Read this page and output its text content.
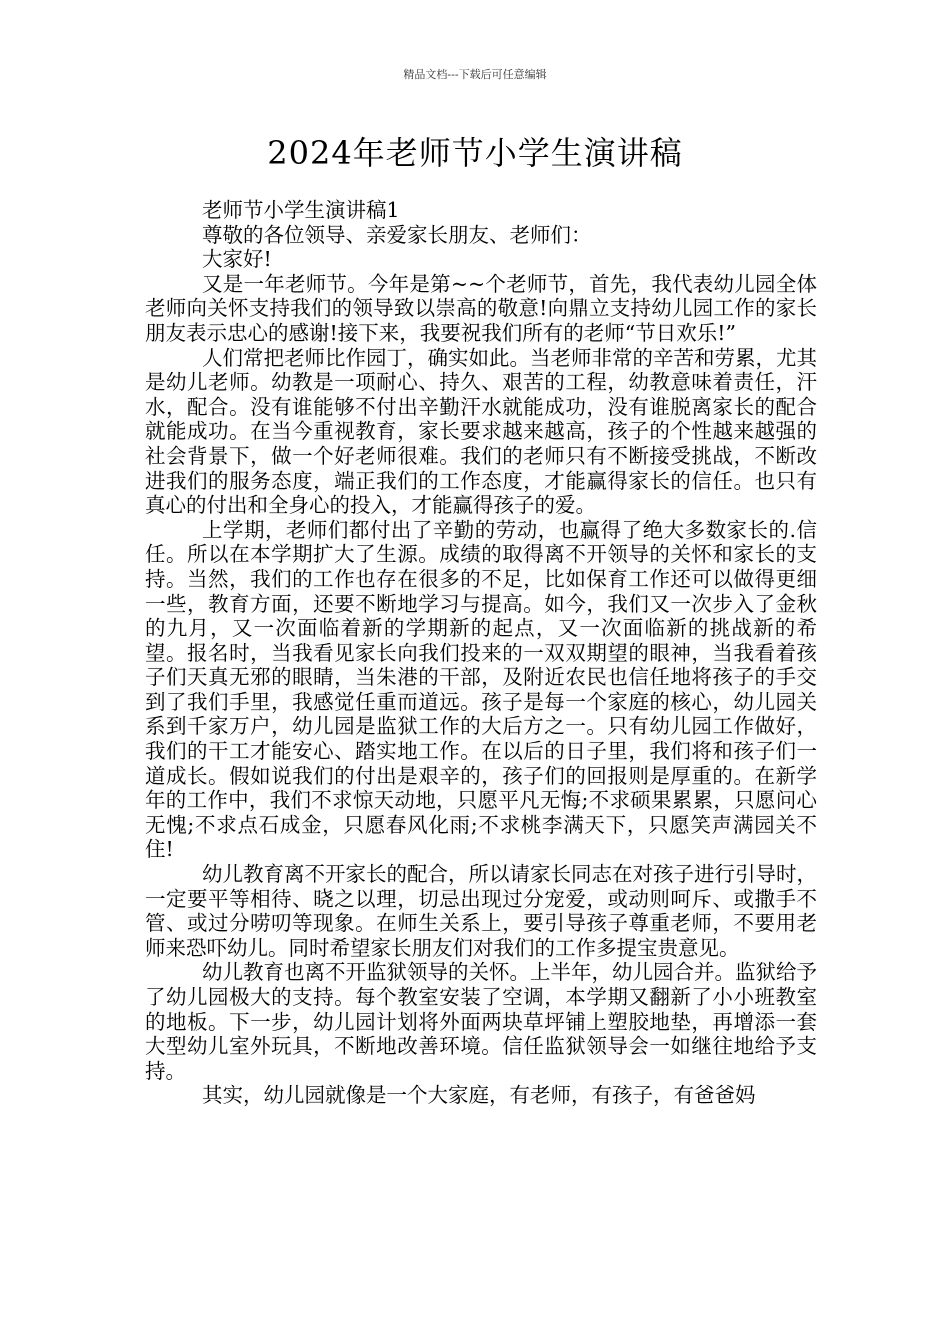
精品文档---下载后可任意编辑
2024年老师节小学生演讲稿

老师节小学生演讲稿1

尊敬的各位领导、亲爱家长朋友、老师们：

大家好!

又是一年老师节。今年是第~~个老师节，首先，我代表幼儿园全体老师向关怀支持我们的领导致以崇高的敬意!向鼎立支持幼儿园工作的家长朋友表示忠心的感谢!接下来，我要祝我们所有的老师“节日欢乐!”

人们常把老师比作园丁，确实如此。当老师非常的辛苦和劳累，尤其是幼儿老师。幼教是一项耐心、持久、艰苦的工程，幼教意味着责任，汗水，配合。没有谁能够不付出辛勤汗水就能成功，没有谁脱离家长的配合就能成功。在当今重视教育，家长要求越来越高，孩子的个性越来越强的社会背景下，做一个好老师很难。我们的老师只有不断接受挑战，不断改进我们的服务态度，端正我们的工作态度，才能赢得家长的信任。也只有真心的付出和全身心的投入，才能赢得孩子的爱。

上学期，老师们都付出了辛勤的劳动，也赢得了绝大多数家长的.信任。所以在本学期扩大了生源。成绩的取得离不开领导的关怀和家长的支持。当然，我们的工作也存在很多的不足，比如保育工作还可以做得更细一些，教育方面，还要不断地学习与提高。如今，我们又一次步入了金秋的九月，又一次面临着新的学期新的起点，又一次面临新的挑战新的希望。报名时，当我看见家长向我们投来的一双双期望的眼神，当我看着孩子们天真无邪的眼睛，当朱港的干部，及附近农民也信任地将孩子的手交到了我们手里，我感觉任重而道远。孩子是每一个家庭的核心，幼儿园关系到千家万户，幼儿园是监狱工作的大后方之一。只有幼儿园工作做好，我们的干工才能安心、踏实地工作。在以后的日子里，我们将和孩子们一道成长。假如说我们的付出是艰辛的，孩子们的回报则是厚重的。在新学年的工作中，我们不求惊天动地，只愿平凡无悔;不求硕果累累，只愿问心无愧;不求点石成金，只愿春风化雨;不求桃李满天下，只愿笑声满园关不住!

幼儿教育离不开家长的配合，所以请家长同志在对孩子进行引导时，一定要平等相待、晓之以理，切忌出现过分宠爱，或动则呵斥、或撒手不管、或过分唠叨等现象。在师生关系上，要引导孩子尊重老师，不要用老师来恐吓幼儿。同时希望家长朋友们对我们的工作多提宝贵意见。

幼儿教育也离不开监狱领导的关怀。上半年，幼儿园合并。监狱给予了幼儿园极大的支持。每个教室安装了空调，本学期又翻新了小小班教室的地板。下一步，幼儿园计划将外面两块草坪铺上塑胶地垫，再增添一套大型幼儿室外玩具，不断地改善环境。信任监狱领导会一如继往地给予支持。

其实，幼儿园就像是一个大家庭，有老师，有孩子，有爸爸妈
